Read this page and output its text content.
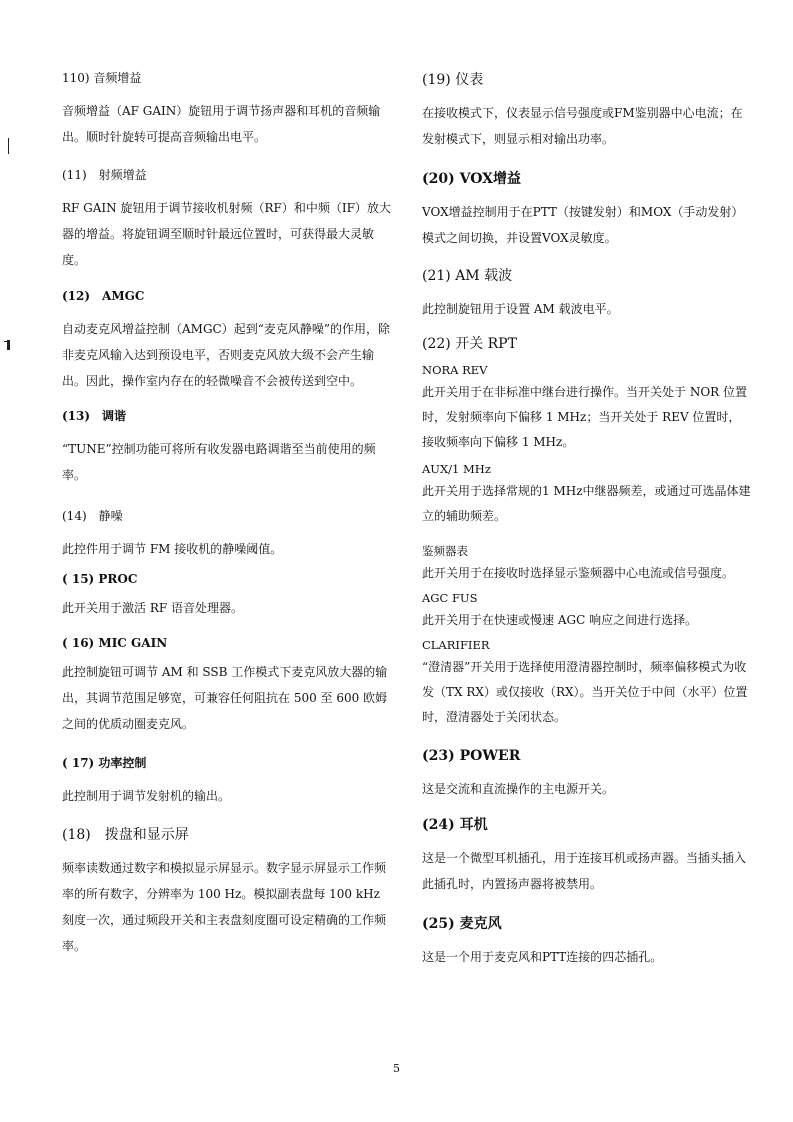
110) 音频增益

音频增益（AF GAIN）旋钮用于调节扬声器和耳机的音频输出。顺时针旋转可提高音频输出电平。

(11)　射频增益

RF GAIN 旋钮用于调节接收机射频（RF）和中频（IF）放大器的增益。将旋钮调至顺时针最远位置时，可获得最大灵敏度。

(12)　AMGC

自动麦克风增益控制（AMGC）起到“麦克风静噪”的作用，除非麦克风输入达到预设电平，否则麦克风放大级不会产生输出。因此，操作室内存在的轻微噪音不会被传送到空中。

(13)　调谐

“TUNE”控制功能可将所有收发器电路调谐至当前使用的频率。

(14)　静噪

此控件用于调节 FM 接收机的静噪阈值。

( 15) PROC

此开关用于激活 RF 语音处理器。

( 16) MIC GAIN

此控制旋钮可调节 AM 和 SSB 工作模式下麦克风放大器的输出，其调节范围足够宽，可兼容任何阻抗在 500 至 600 欧姆之间的优质动圈麦克风。

( 17) 功率控制

此控制用于调节发射机的输出。

(18)　拨盘和显示屏

频率读数通过数字和模拟显示屏显示。数字显示屏显示工作频率的所有数字，分辨率为 100 Hz。模拟副表盘每 100 kHz 刻度一次，通过频段开关和主表盘刻度圈可设定精确的工作频率。

(19) 仪表

在接收模式下，仪表显示信号强度或FM鉴别器中心电流；在发射模式下，则显示相对输出功率。

(20) VOX增益

VOX增益控制用于在PTT（按键发射）和MOX（手动发射）模式之间切换，并设置VOX灵敏度。

(21) AM 载波

此控制旋钮用于设置 AM 载波电平。

(22) 开关 RPT
NORA REV

此开关用于在非标准中继台进行操作。当开关处于 NOR 位置时，发射频率向下偏移 1 MHz；当开关处于 REV 位置时，接收频率向下偏移 1 MHz。

AUX/1 MHz

此开关用于选择常规的1 MHz中继器频差，或通过可选晶体建立的辅助频差。

鉴频器表

此开关用于在接收时选择显示鉴频器中心电流或信号强度。

AGC FUS

此开关用于在快速或慢速 AGC 响应之间进行选择。

CLARIFIER

“澄清器”开关用于选择使用澄清器控制时，频率偏移模式为收发（TX RX）或仅接收（RX）。当开关位于中间（水平）位置时，澄清器处于关闭状态。

(23) POWER

这是交流和直流操作的主电源开关。

(24) 耳机

这是一个微型耳机插孔，用于连接耳机或扬声器。当插头插入此插孔时，内置扬声器将被禁用。

(25) 麦克风

这是一个用于麦克风和PTT连接的四芯插孔。

5
